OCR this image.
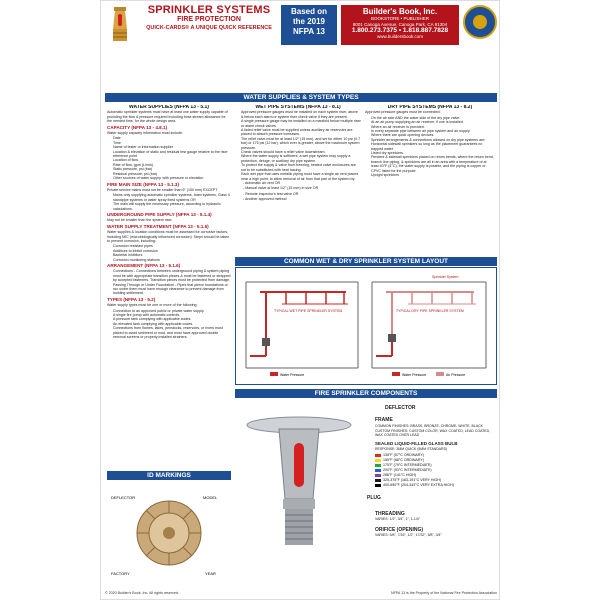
SPRINKLER SYSTEMS
FIRE PROTECTION
QUICK-CARDS® A UNIQUE QUICK REFERENCE
Based on
the 2019
NFPA 13
Builder's Book, Inc.
BOOKSTORE • PUBLISHER
8001 Canoga Avenue, Canoga Park, CA 91304
1.800.273.7375 • 1.818.887.7828
www.buildersbook.com
WATER SUPPLIES & SYSTEM TYPES
WATER SUPPLIES (NFPA 13 - 5.1)

Automatic sprinkler systems must have at least one water supply capable of providing the flow & pressure required including hose stream allowance for the needed time, for the whole design area.

CAPACITY (NFPA 13 - 4.8.1)

Water supply capacity information must include:

• Date
• Time
• Name of tester or information supplier
• Location & elevation of static and residual test gauge relative to the riser reference point
• Location of flow
• Rate of flow, gpm (L/min)
• Static pressure, psi (bar)
• Residual pressure, psi (bar)
• Other sources of water supply, with pressure or elevation
FIRE MAIN SIZE (NFPA 13 - 5.1.3)

Private service mains must not be smaller than 6" (150 mm) EXCEPT

• Mains only supplying automatic sprinkler systems, foam systems, Class II standpipe systems or water spray fixed systems OR
• The main will supply the necessary pressure, according to hydraulic calculations.
UNDERGROUND PIPE SUPPLY (NFPA 13 - 5.1.4)

May not be smaller than the system riser.

WATER SUPPLY TREATMENT (NFPA 13 - 5.1.5)

Water supplies & location conditions must be assessed for corrosive factors, including MIC (microbiologically influenced corrosion). Steps should be taken to prevent corrosion, including:

• Corrosion resistant pipes
• Additives to inhibit corrosion
• Bacterial inhibitors
• Corrosion monitoring stations
ARRANGEMENT (NFPA 13 - 5.1.6)
• Connections - Connections between underground piping & system piping must be with appropriate transition pieces & must be fastened or strapped by accepted fasteners. Transition pieces must be protected from damage.
• Passing Through or Under Foundation - Pipes that pierce foundations or run under them must have enough clearance to prevent damage from building settlement.
TYPES (NFPA 13 - 5.2)

Water supply types must be one or more of the following:

• Connection to an approved public or private water supply.
• A single fire pump with automatic controls.
• A pressure tank complying with applicable codes.
• An elevated tank complying with applicable codes.
• Connections from flumes, lakes, penstocks, reservoirs, or rivers must placed to avoid sediment or mud, and must have approved double removal screens or properly installed strainers.
WET PIPE SYSTEMS (NFPA 13 - 8.1)
• Approved pressure gauges must be installed on each system riser, above & below each alarm or system riser check valve if they are present.
• A single pressure gauge may be installed on a manifold below multiple riser or alarm check valves.
• A listed relief valve must be supplied unless auxiliary air reservoirs are placed to absorb pressure increases.
• The relief valve must be at least 1/2" (15 mm), and set for either 10 psi (0.7 bar) or 175 psi (12 bar), which ever is greater, above the maximum system pressure.
• Check valves should have a relief valve downstream.
• Where the water supply is sufficient, a wet pipe system may supply a protection, deluge, or auxiliary dry pipe system.
• To protect the supply & valve from freezing, heated valve enclosures are not to be substituted with heat tracing.
• Each wet pipe that uses metallic piping must have a single air vent placed near a high point, to allow removal of air from that part of the system by:

- Automatic air vent OR

- Manual valve at least 1/2" (15 mm) in size OR

- Remote inspector's test valve OR

- Another approved method

DRY PIPE SYSTEMS (NFPA 13 - 8.2)

Approved pressure gauges must be connected:

• On the air side AND the water side of the dry pipe valve.
• At an air pump supplying an air receiver, if one is installed.
• Where an air receiver is provided.
• In every separate pipe between air pipe system and air supply.
• Where there are quick opening devices.
• Sprinkler arrangements & connections allowed on dry pipe systems are:
• Horizontal sidewall sprinklers so long as the placement guarantees no trapped water.
• Listed dry sprinklers.
• Pendent & sidewall sprinklers placed on return bends, where the return bend, branch line piping, & sprinklers are all in an area with a temperature of at least 40°F (4°C), the water supply is potable, and the piping is copper or CPVC listed for the purpose.
• Upright sprinklers
COMMON WET & DRY SPRINKLER SYSTEM LAYOUT
TYPICAL WET PIPE SPRINKLER SYSTEM
Water Pressure
TYPICAL DRY PIPE SPRINKLER SYSTEM
Sprinkler System
Water Pressure	Air Pressure
FIRE SPRINKLER COMPONENTS
DEFLECTOR
FRAME
COMMON FINISHES: BRASS, BRONZE, CHROME, WHITE, BLACK
CUSTOM FINISHES: CUSTOM COLOR, WAX COATED, LEAD COATED, WAX COATED OVER LEAD
SEALED LIQUID-FILLED GLASS BULB
RESPONSE: 3MM QUICK (5MM STANDARD)
135°F (57°C ORDINARY)
155°F (68°C ORDINARY)
175°F (79°C INTERMEDIATE)
200°F (93°C INTERMEDIATE)
286°F (141°C HIGH)
325-375°F (163-191°C VERY HIGH)
400-650°F (204-343°C VERY EXTRA HIGH)
PLUG
THREADING
VARIES: 1/2", 3/4", 1", 1-1/4"
ORIFICE (OPENING)
VARIES: 3/8", 7/16", 1/2", 17/32", 5/8", 3/4"
ID MARKINGS
DEFLECTOR	MODEL
FACTORY	YEAR
© 2020 Builder's Book, Inc. All rights reserved.	NFPA 13 is the Property of the National Fire Protection Association
